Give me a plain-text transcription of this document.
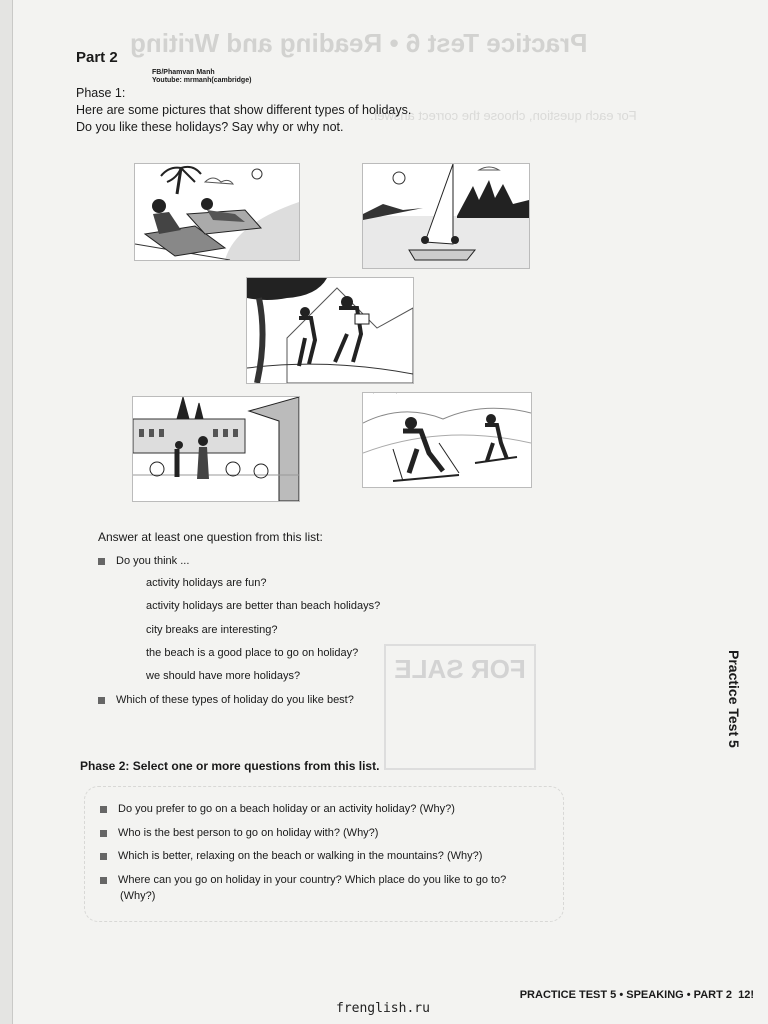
Practice Test 6 • Reading and Writing
For each question, choose the correct answer.
Part 2
FB/Phamvan Manh
Youtube: mrmanh(cambridge)
Phase 1:
Here are some pictures that show different types of holidays.
Do you like these holidays? Say why or why not.
FOR SALE
Answer at least one question from this list:
Do you think ...
activity holidays are fun?
activity holidays are better than beach holidays?
city breaks are interesting?
the beach is a good place to go on holiday?
we should have more holidays?
Which of these types of holiday do you like best?
Phase 2: Select one or more questions from this list.
Do you prefer to go on a beach holiday or an activity holiday? (Why?)
Who is the best person to go on holiday with? (Why?)
Which is better, relaxing on the beach or walking in the mountains? (Why?)
Where can you go on holiday in your country? Which place do you like to go to?
(Why?)
Practice Test 5
PRACTICE TEST 5 • SPEAKING • PART 2 12!
frenglish.ru
